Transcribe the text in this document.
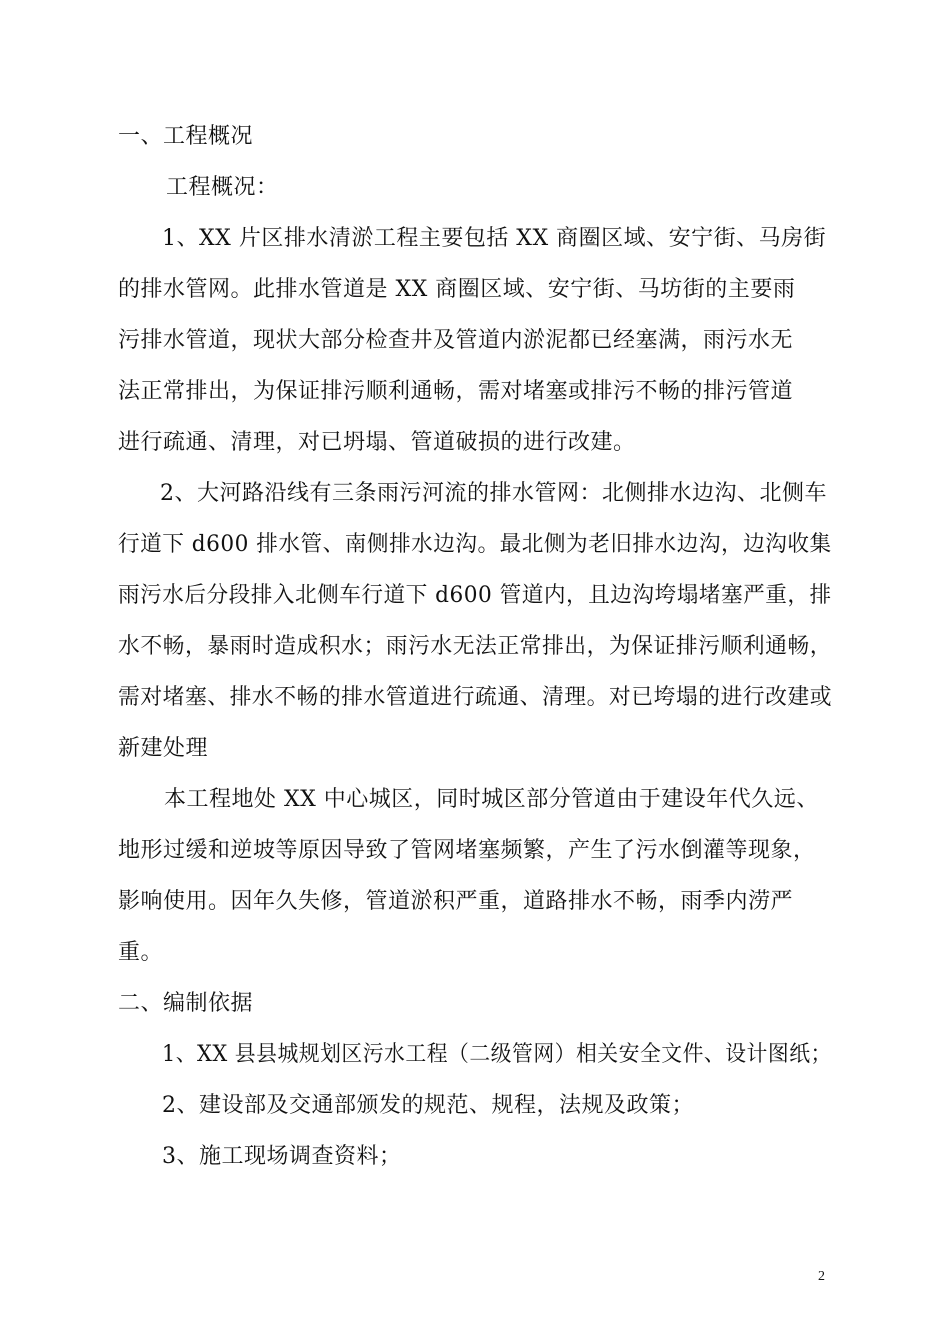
一、工程概况
工程概况：
1、XX 片区排水清淤工程主要包括 XX 商圈区域、安宁街、马房街
的排水管网。此排水管道是 XX 商圈区域、安宁街、马坊街的主要雨
污排水管道，现状大部分检查井及管道内淤泥都已经塞满，雨污水无
法正常排出，为保证排污顺利通畅，需对堵塞或排污不畅的排污管道
进行疏通、清理，对已坍塌、管道破损的进行改建。
2、大河路沿线有三条雨污河流的排水管网：北侧排水边沟、北侧车
行道下 d600 排水管、南侧排水边沟。最北侧为老旧排水边沟，边沟收集
雨污水后分段排入北侧车行道下 d600 管道内，且边沟垮塌堵塞严重，排
水不畅，暴雨时造成积水；雨污水无法正常排出，为保证排污顺利通畅，
需对堵塞、排水不畅的排水管道进行疏通、清理。对已垮塌的进行改建或
新建处理
本工程地处 XX 中心城区，同时城区部分管道由于建设年代久远、
地形过缓和逆坡等原因导致了管网堵塞频繁，产生了污水倒灌等现象，
影响使用。因年久失修，管道淤积严重，道路排水不畅，雨季内涝严
重。
二、编制依据
1、XX 县县城规划区污水工程（二级管网）相关安全文件、设计图纸；
2、建设部及交通部颁发的规范、规程，法规及政策；
3、施工现场调查资料；
2
